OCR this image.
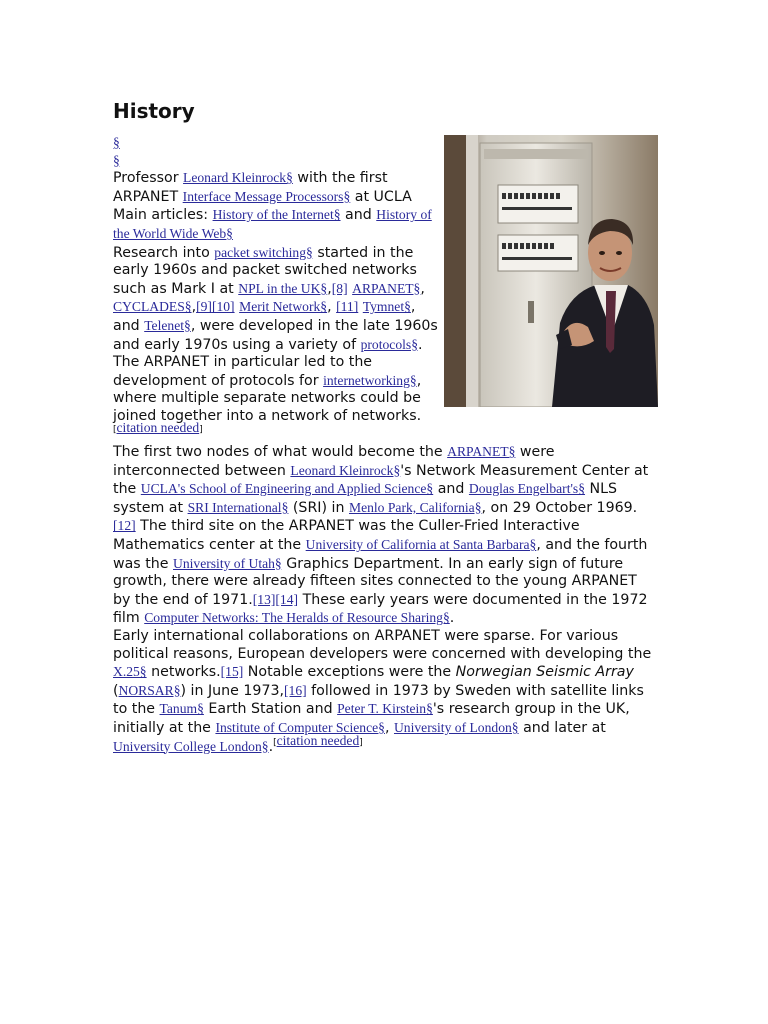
History
§
§
Professor Leonard Kleinrock§ with the first ARPANET Interface Message Processors§ at UCLA
Main articles: History of the Internet§ and History of the World Wide Web§

Research into packet switching§ started in the early 1960s and packet switched networks such as Mark I at NPL in the UK§,[8] ARPANET§, CYCLADES§,[9][10] Merit Network§, [11] Tymnet§, and Telenet§, were developed in the late 1960s and early 1970s using a variety of protocols§. The ARPANET in particular led to the development of protocols for internetworking§, where multiple separate networks could be joined together into a network of networks.[citation needed]

The first two nodes of what would become the ARPANET§ were interconnected between Leonard Kleinrock§'s Network Measurement Center at the UCLA's School of Engineering and Applied Science§ and Douglas Engelbart's§ NLS system at SRI International§ (SRI) in Menlo Park, California§, on 29 October 1969.[12] The third site on the ARPANET was the Culler-Fried Interactive Mathematics center at the University of California at Santa Barbara§, and the fourth was the University of Utah§ Graphics Department. In an early sign of future growth, there were already fifteen sites connected to the young ARPANET by the end of 1971.[13][14] These early years were documented in the 1972 film Computer Networks: The Heralds of Resource Sharing§.

Early international collaborations on ARPANET were sparse. For various political reasons, European developers were concerned with developing the X.25§ networks.[15] Notable exceptions were the Norwegian Seismic Array (NORSAR§) in June 1973,[16] followed in 1973 by Sweden with satellite links to the Tanum§ Earth Station and Peter T. Kirstein§'s research group in the UK, initially at the Institute of Computer Science§, University of London§ and later at University College London§.[citation needed]
